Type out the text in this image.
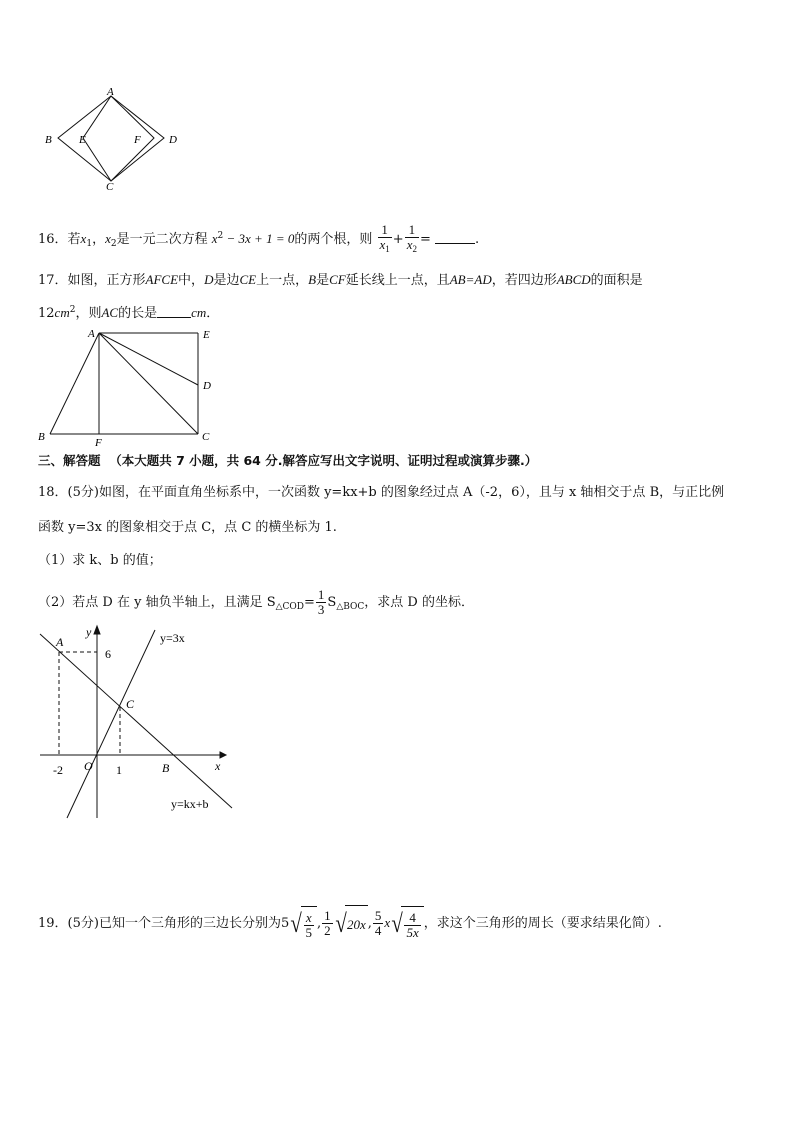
A
B E	F	D
C
16．若$x_1$，$x_2$是一元二次方程 $x^2 - 3x + 1 = 0$的两个根，则 $\frac{1}{x_1} + \frac{1}{x_2}$ =	.
17．如图，正方形AFCE中，D是边CE上一点，B是CF延长线上一点，且AB=AD，若四边形ABCD的面积是
$12cm^2$，则AC的长是	cm．
A	E
D
B	F	C
三、解答题 （本大题共 7 小题，共 64 分.解答应写出文字说明、证明过程或演算步骤.）
18．(5分)如图，在平面直角坐标系中，一次函数 y=kx+b 的图象经过点 A（-2，6），且与 x 轴相交于点 B，与正比例
函数 y=3x 的图象相交于点 C，点 C 的横坐标为 1.
（1）求 k、b 的值；
（2）若点 D 在 y 轴负半轴上，且满足 $S_{\triangle COD}= \frac{1}{3} S_{\triangle BOC}$，求点 D 的坐标．
y
x
A
6
y=3x
C
O
-2	1	B
y=kx+b
19．(5分)已知一个三角形的三边长分别为$5√ \frac{x}{5}$ , $\frac{1}{2} √20x$ , $\frac{5}{4} x√ \frac{4}{5x}$ ，求这个三角形的周长（要求结果化简）.
